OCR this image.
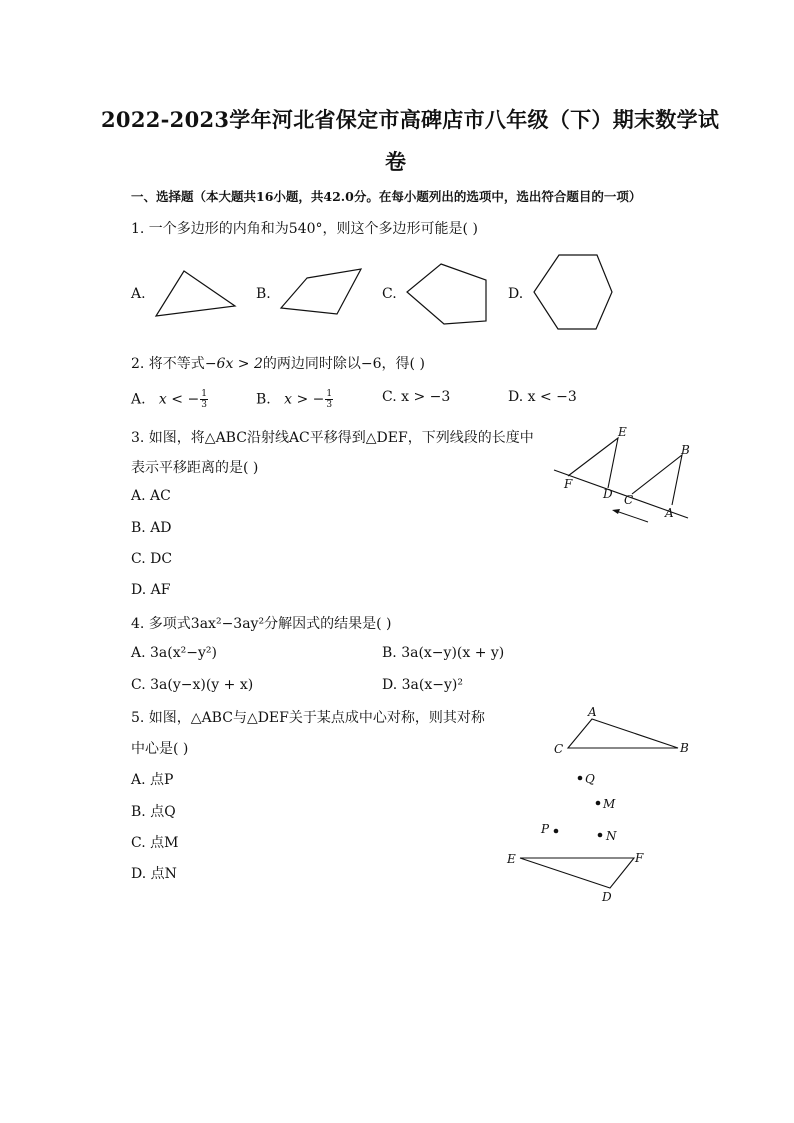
2022-2023学年河北省保定市高碑店市八年级（下）期末数学试
卷
一、选择题（本大题共16小题，共42.0分。在每小题列出的选项中，选出符合题目的一项）
1. 一个多边形的内角和为540°，则这个多边形可能是( )
A.	B.	C.	D.
2. 将不等式−6x > 2的两边同时除以−6，得( )
A. x < − $\frac{1}{3}$	B. x > − $\frac{1}{3}$	C. x > −3	D. x < −3
3. 如图，将△ABC沿射线AC平移得到△DEF，下列线段的长度中
表示平移距离的是( )
A. AC
B. AD
C. DC
D. AF
E
B
F
D C
A
4. 多项式3ax²−3ay²分解因式的结果是( )
A. 3a(x²−y²)	B. 3a(x−y)(x + y)
C. 3a(y−x)(y + x)	D. 3a(x−y)²
5. 如图，△ABC与△DEF关于某点成中心对称，则其对称
中心是( )
A. 点P
B. 点Q
C. 点M
D. 点N
A
C	B
Q
M
P	N
E	F
D
